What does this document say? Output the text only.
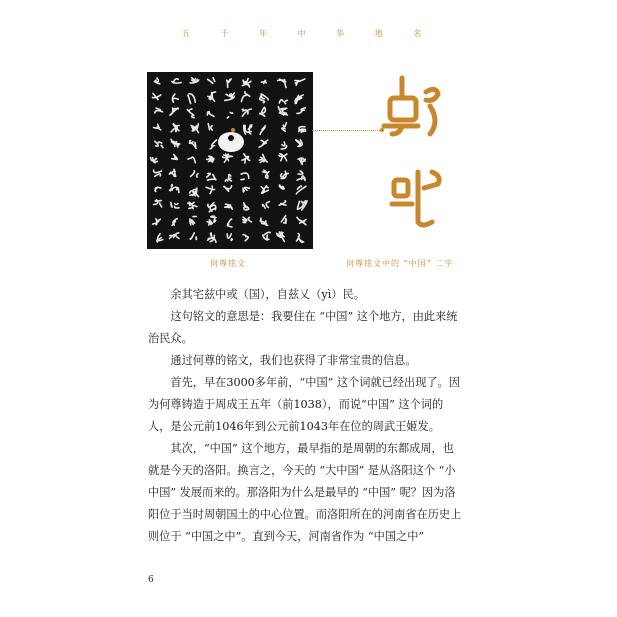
五 千 年 中 华 地 名
何尊铭文	何尊铭文中的 “中国” 二字

余其宅兹中或（国），自兹乂（yì）民。

这句铭文的意思是：我要住在 “中国” 这个地方，由此来统治民众。

通过何尊的铭文，我们也获得了非常宝贵的信息。

首先，早在3000多年前，“中国” 这个词就已经出现了。因为何尊铸造于周成王五年（前1038），而说“中国” 这个词的人，是公元前1046年到公元前1043年在位的周武王姬发。

其次，“中国” 这个地方，最早指的是周朝的东都成周，也就是今天的洛阳。换言之，今天的 “大中国” 是从洛阳这个 “小中国” 发展而来的。那洛阳为什么是最早的 “中国” 呢？因为洛阳位于当时周朝国土的中心位置。而洛阳所在的河南省在历史上则位于 “中国之中”。直到今天，河南省作为 “中国之中”

6
